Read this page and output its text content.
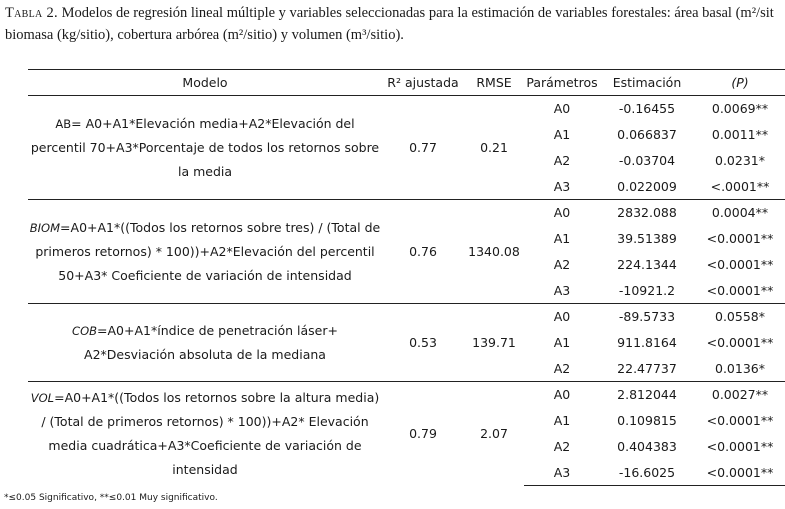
Tabla 2. Modelos de regresión lineal múltiple y variables seleccionadas para la estimación de variables forestales: área basal (m²/sit
biomasa (kg/sitio), cobertura arbórea (m²/sitio) y volumen (m³/sitio).
Modelo	R² ajustada	RMSE	Parámetros	Estimación	(P)
AB= A0+A1*Elevación media+A2*Elevación del percentil 70+A3*Porcentaje de todos los retornos sobre la media	0.77	0.21	A0	-0.16455	0.0069**
			A1	0.066837	0.0011**
			A2	-0.03704	0.0231*
			A3	0.022009	<.0001**
BIOM=A0+A1*((Todos los retornos sobre tres) / (Total de primeros retornos) * 100))+A2*Elevación del percentil 50+A3* Coeficiente de variación de intensidad	0.76	1340.08	A0	2832.088	0.0004**
			A1	39.51389	<0.0001**
			A2	224.1344	<0.0001**
			A3	-10921.2	<0.0001**
COB=A0+A1*índice de penetración láser+ A2*Desviación absoluta de la mediana	0.53	139.71	A0	-89.5733	0.0558*
			A1	911.8164	<0.0001**
			A2	22.47737	0.0136*
VOL=A0+A1*((Todos los retornos sobre la altura media) / (Total de primeros retornos) * 100))+A2* Elevación media cuadrática+A3*Coeficiente de variación de intensidad	0.79	2.07	A0	2.812044	0.0027**
			A1	0.109815	<0.0001**
			A2	0.404383	<0.0001**
			A3	-16.6025	<0.0001**
*≤0.05 Significativo, **≤0.01 Muy significativo.
